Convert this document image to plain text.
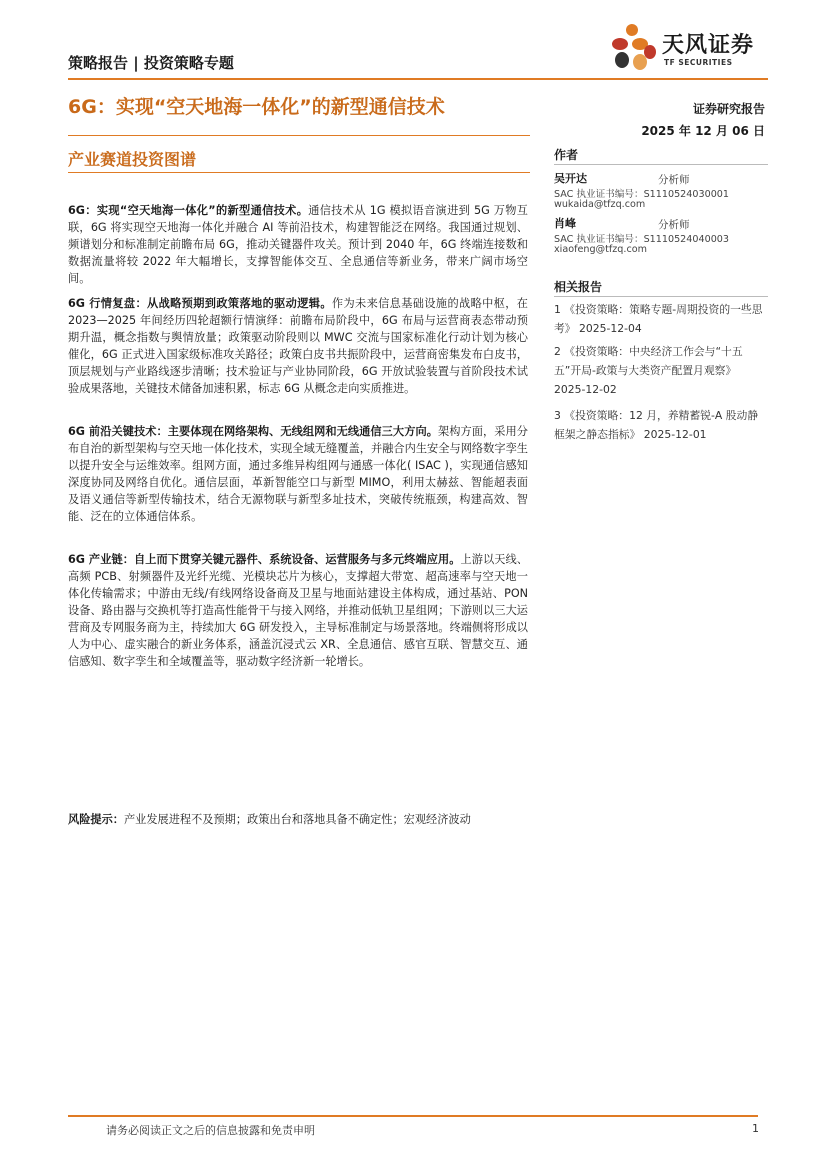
策略报告 | 投资策略专题
天风证券
TF SECURITIES
6G：实现“空天地海一体化”的新型通信技术	证券研究报告
2025 年 12 月 06 日
产业赛道投资图谱
6G：实现“空天地海一体化”的新型通信技术。通信技术从 1G 模拟语音演进到 5G 万物互联，6G 将实现空天地海一体化并融合 AI 等前沿技术，构建智能泛在网络。我国通过规划、频谱划分和标准制定前瞻布局 6G，推动关键器件攻关。预计到 2040 年，6G 终端连接数和数据流量将较 2022 年大幅增长，支撑智能体交互、全息通信等新业务，带来广阔市场空间。
6G 行情复盘：从战略预期到政策落地的驱动逻辑。作为未来信息基础设施的战略中枢，在 2023—2025 年间经历四轮超额行情演绎：前瞻布局阶段中，6G 布局与运营商表态带动预期升温，概念指数与舆情放量；政策驱动阶段则以 MWC 交流与国家标准化行动计划为核心催化，6G 正式进入国家级标准攻关路径；政策白皮书共振阶段中，运营商密集发布白皮书，顶层规划与产业路线逐步清晰；技术验证与产业协同阶段，6G 开放试验装置与首阶段技术试验成果落地，关键技术储备加速积累，标志 6G 从概念走向实质推进。
6G 前沿关键技术：主要体现在网络架构、无线组网和无线通信三大方向。架构方面，采用分布自治的新型架构与空天地一体化技术，实现全域无缝覆盖，并融合内生安全与网络数字孪生以提升安全与运维效率。组网方面，通过多维异构组网与通感一体化( ISAC )，实现通信感知深度协同及网络自优化。通信层面，革新智能空口与新型 MIMO，利用太赫兹、智能超表面及语义通信等新型传输技术，结合无源物联与新型多址技术，突破传统瓶颈，构建高效、智能、泛在的立体通信体系。
6G 产业链：自上而下贯穿关键元器件、系统设备、运营服务与多元终端应用。上游以天线、高频 PCB、射频器件及光纤光缆、光模块芯片为核心，支撑超大带宽、超高速率与空天地一体化传输需求；中游由无线/有线网络设备商及卫星与地面站建设主体构成，通过基站、PON 设备、路由器与交换机等打造高性能骨干与接入网络，并推动低轨卫星组网；下游则以三大运营商及专网服务商为主，持续加大 6G 研发投入，主导标准制定与场景落地。终端侧将形成以人为中心、虚实融合的新业务体系，涵盖沉浸式云 XR、全息通信、感官互联、智慧交互、通信感知、数字孪生和全域覆盖等，驱动数字经济新一轮增长。
风险提示：产业发展进程不及预期；政策出台和落地具备不确定性；宏观经济波动
作者
吴开达	分析师
SAC 执业证书编号：S1110524030001
wukaida@tfzq.com
肖峰	分析师
SAC 执业证书编号：S1110524040003
xiaofeng@tfzq.com
相关报告
1 《投资策略：策略专题-周期投资的一些思考》 2025-12-04
2 《投资策略：中央经济工作会与“十五五”开局-政策与大类资产配置月观察》 2025-12-02
3 《投资策略：12 月，养精蓄锐-A 股动静框架之静态指标》 2025-12-01
请务必阅读正文之后的信息披露和免责申明	1
